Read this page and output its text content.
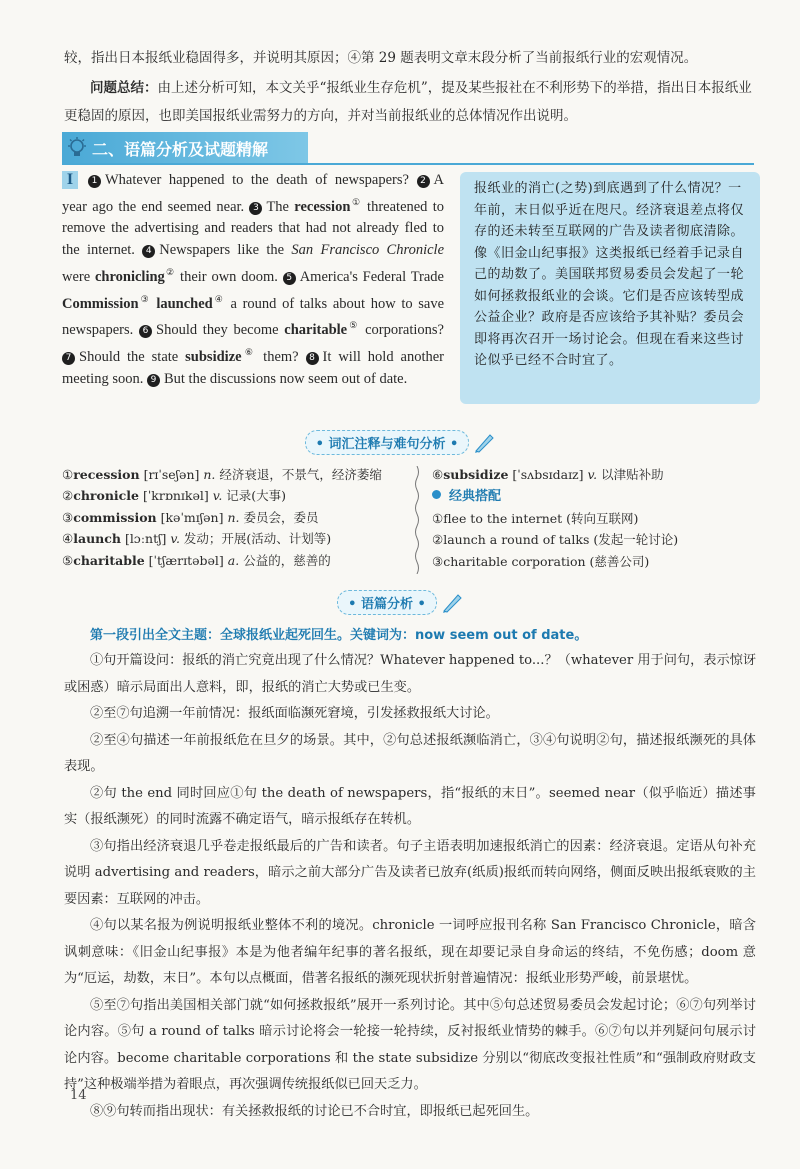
较，指出日本报纸业稳固得多，并说明其原因；④第 29 题表明文章末段分析了当前报纸行业的宏观情况。

问题总结：由上述分析可知，本文关乎“报纸业生存危机”，提及某些报社在不利形势下的举措，指出日本报纸业更稳固的原因，也即美国报纸业需努力的方向，并对当前报纸业的总体情况作出说明。

二、语篇分析及试题精解
I 1 Whatever happened to the death of newspapers? 2 A year ago the end seemed near. 3 The recession① threatened to remove the advertising and readers that had not already fled to the internet. 4 Newspapers like the San Francisco Chronicle were chronicling② their own doom. 5 America's Federal Trade Commission③ launched④ a round of talks about how to save newspapers. 6 Should they become charitable⑤ corporations? 7 Should the state subsidize⑥ them? 8 It will hold another meeting soon. 9 But the discussions now seem out of date.
报纸业的消亡(之势)到底遇到了什么情况？一年前，末日似乎近在咫尺。经济衰退差点将仅存的还未转至互联网的广告及读者彻底清除。像《旧金山纪事报》这类报纸已经着手记录自己的劫数了。美国联邦贸易委员会发起了一轮如何拯救报纸业的会谈。它们是否应该转型成公益企业？政府是否应该给予其补贴？委员会即将再次召开一场讨论会。但现在看来这些讨论似乎已经不合时宜了。
• 词汇注释与难句分析 •
①recession [rɪˈseʃən] n. 经济衰退，不景气，经济萎缩
②chronicle [ˈkrɒnɪkəl] v. 记录(大事)
③commission [kəˈmɪʃən] n. 委员会，委员
④launch [lɔːntʃ] v. 发动；开展(活动、计划等)
⑤charitable [ˈtʃærɪtəbəl] a. 公益的，慈善的
⑥subsidize [ˈsʌbsɪdaɪz] v. 以津贴补助
经典搭配
①flee to the internet (转向互联网)
②launch a round of talks (发起一轮讨论)
③charitable corporation (慈善公司)
• 语篇分析 •
第一段引出全文主题：全球报纸业起死回生。关键词为：now seem out of date。

①句开篇设问：报纸的消亡究竟出现了什么情况？Whatever happened to...？（whatever 用于问句，表示惊讶或困惑）暗示局面出人意料，即，报纸的消亡大势或已生变。

②至⑦句追溯一年前情况：报纸面临濒死窘境，引发拯救报纸大讨论。

②至④句描述一年前报纸危在旦夕的场景。其中，②句总述报纸濒临消亡，③④句说明②句，描述报纸濒死的具体表现。

②句 the end 同时回应①句 the death of newspapers，指“报纸的末日”。seemed near（似乎临近）描述事实（报纸濒死）的同时流露不确定语气，暗示报纸存在转机。

③句指出经济衰退几乎卷走报纸最后的广告和读者。句子主语表明加速报纸消亡的因素：经济衰退。定语从句补充说明 advertising and readers，暗示之前大部分广告及读者已放弃(纸质)报纸而转向网络，侧面反映出报纸衰败的主要因素：互联网的冲击。

④句以某名报为例说明报纸业整体不利的境况。chronicle 一词呼应报刊名称 San Francisco Chronicle，暗含讽刺意味：《旧金山纪事报》本是为他者编年纪事的著名报纸，现在却要记录自身命运的终结，不免伤感；doom 意为“厄运，劫数，末日”。本句以点概面，借著名报纸的濒死现状折射普遍情况：报纸业形势严峻，前景堪忧。

⑤至⑦句指出美国相关部门就“如何拯救报纸”展开一系列讨论。其中⑤句总述贸易委员会发起讨论；⑥⑦句列举讨论内容。⑤句 a round of talks 暗示讨论将会一轮接一轮持续，反衬报纸业情势的棘手。⑥⑦句以并列疑问句展示讨论内容。become charitable corporations 和 the state subsidize 分别以“彻底改变报社性质”和“强制政府财政支持”这种极端举措为着眼点，再次强调传统报纸似已回天乏力。

⑧⑨句转而指出现状：有关拯救报纸的讨论已不合时宜，即报纸已起死回生。

14
